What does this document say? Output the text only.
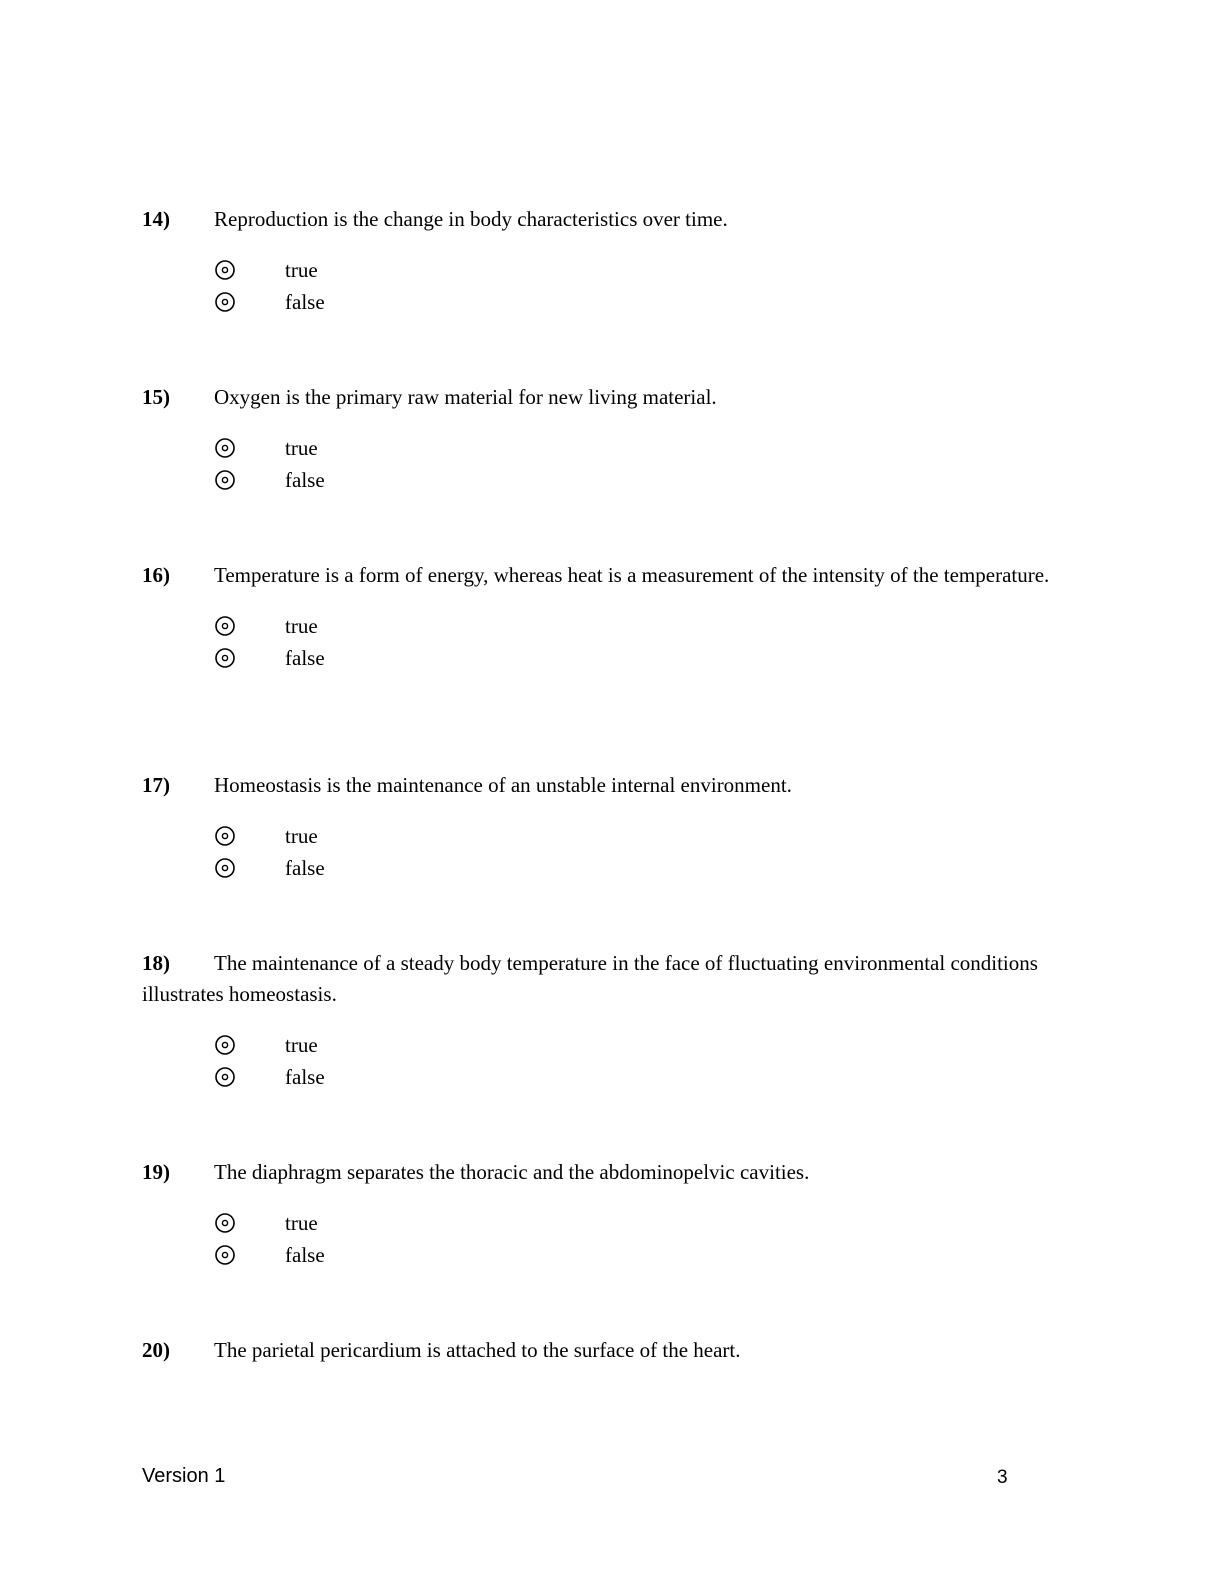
14) Reproduction is the change in body characteristics over time.

true
false

15) Oxygen is the primary raw material for new living material.

true
false

16) Temperature is a form of energy, whereas heat is a measurement of the intensity of the temperature.

true
false

17) Homeostasis is the maintenance of an unstable internal environment.

true
false

18) The maintenance of a steady body temperature in the face of fluctuating environmental conditions illustrates homeostasis.

true
false

19) The diaphragm separates the thoracic and the abdominopelvic cavities.

true
false

20) The parietal pericardium is attached to the surface of the heart.

Version 1	3
